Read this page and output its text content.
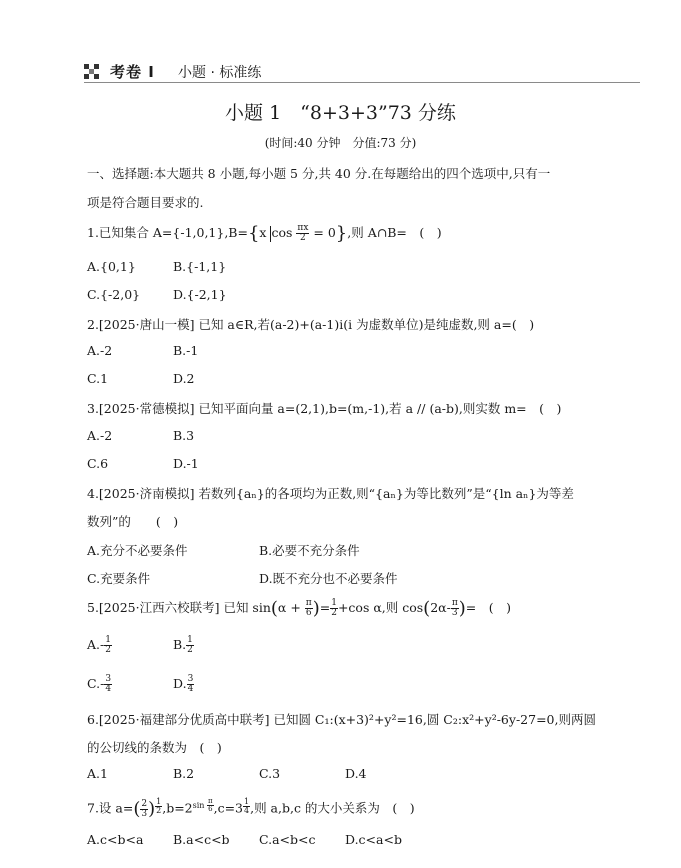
考卷 I 小题 · 标准练
小题 1　“8+3+3”73 分练
(时间:40 分钟　分值:73 分)
一、选择题:本大题共 8 小题,每小题 5 分,共 40 分.在每题给出的四个选项中,只有一
项是符合题目要求的.
1.已知集合 A={-1,0,1},B={x $\cos \frac{\pi x}{2} = 0$},则 A∩B=　(　)
A.{0,1}	B.{-1,1}
C.{-2,0}	D.{-2,1}
2.[2025·唐山一模] 已知 a∈R,若(a-2)+(a-1)i(i 为虚数单位)是纯虚数,则 a=(　)
A.-2	B.-1
C.1	D.2
3.[2025·常德模拟] 已知平面向量 a=(2,1),b=(m,-1),若 a // (a-b),则实数 m=　(　)
A.-2	B.3
C.6	D.-1
4.[2025·济南模拟] 若数列{aₙ}的各项均为正数,则“{aₙ}为等比数列”是“{ln aₙ}为等差
数列”的　　(　)
A.充分不必要条件	B.必要不充分条件
C.充要条件	D.既不充分也不必要条件
5.[2025·江西六校联考] 已知 $\sin(\alpha + \frac{\pi}{6}$ )= $\frac{1}{2} +\cos$ α,则 $\cos(2\alpha- \frac{\pi}{3}$ )=　(　)
$A.- \frac{1}{2}$	B. $\frac{1}{2}$
$C.- \frac{3}{4}$	D. $\frac{3}{4}$
6.[2025·福建部分优质高中联考] 已知圆 C₁:(x+3)²+y²=16,圆 C₂:x²+y²-6y-27=0,则两圆
的公切线的条数为　(　)
A.1	B.2	C.3	D.4
7.设 $a=( \frac{2}{3}$ ) $^{\frac{1}{2}}$ $,b=2^{sin \frac{\pi}{6}}$ ,c=3 $^{\frac{1}{4}}$ ,则 a,b,c 的大小关系为　(　)
A.c<b<a B.a<c<b C.a<b<c D.c<a<b
